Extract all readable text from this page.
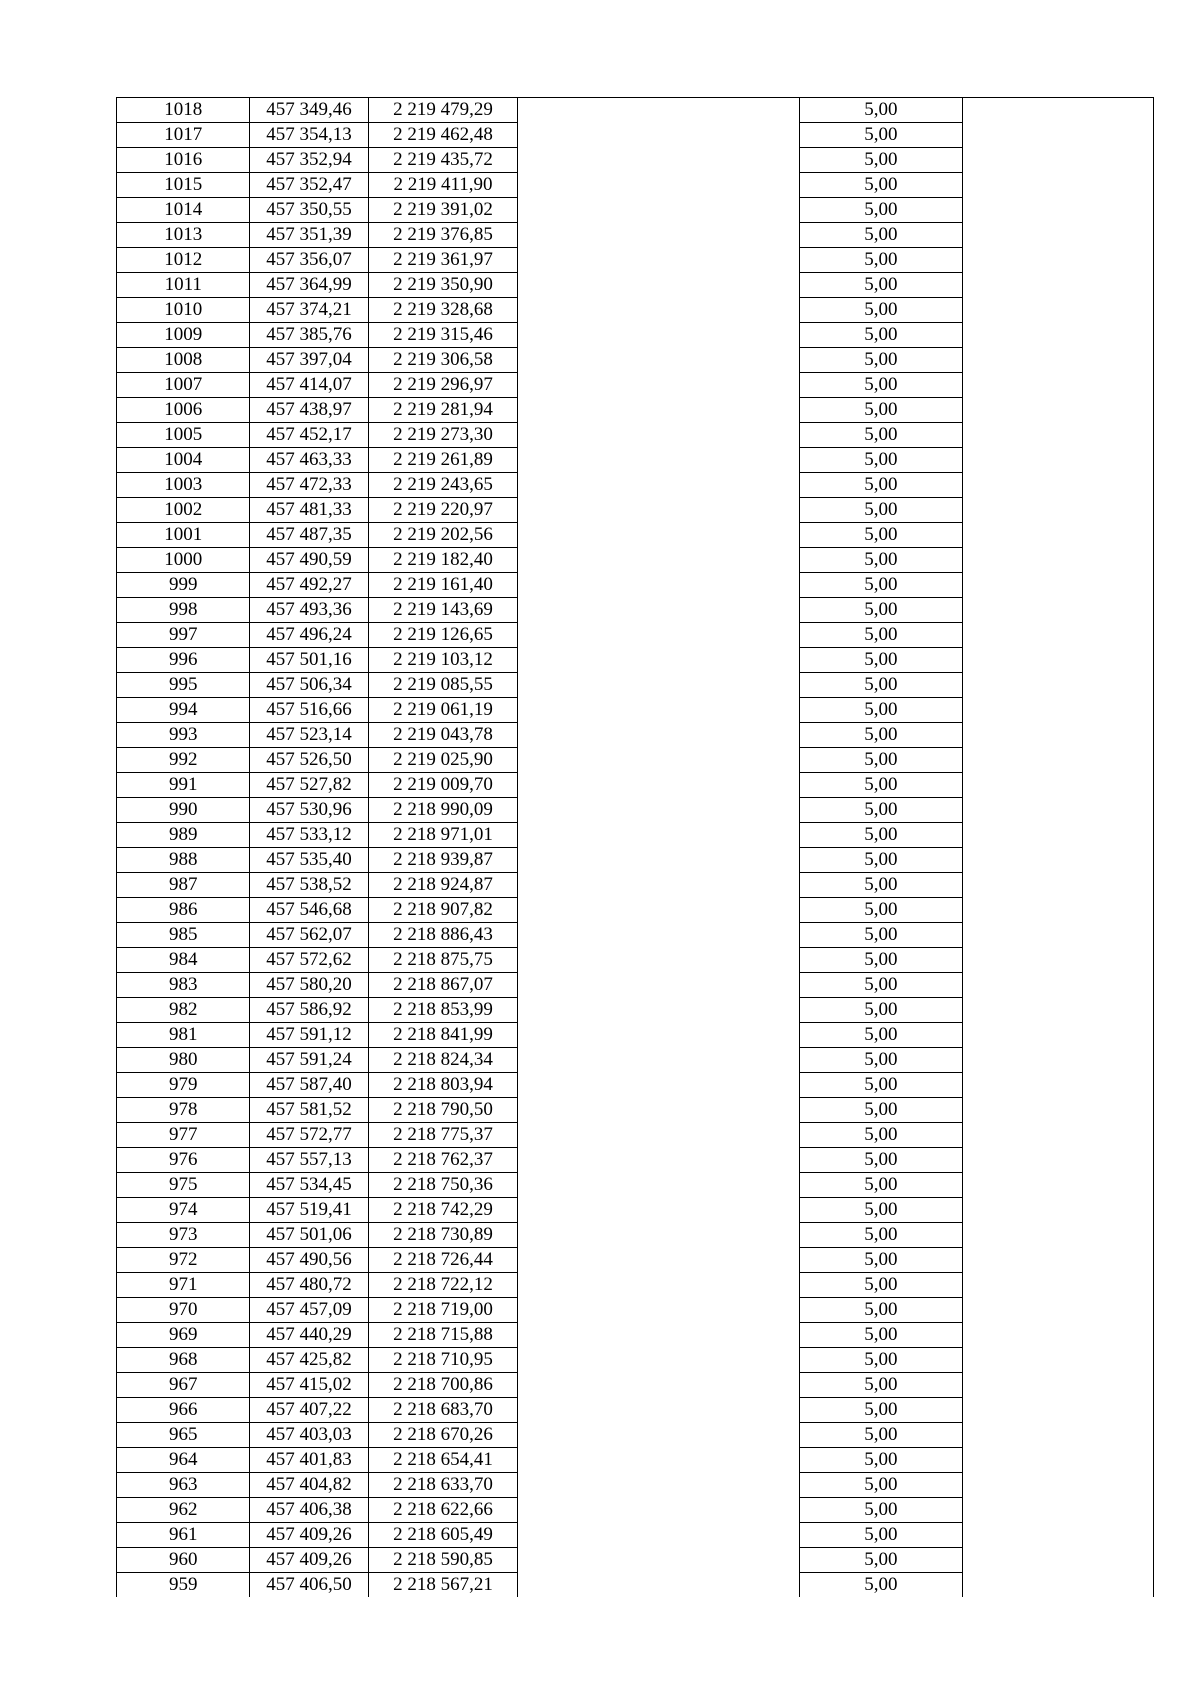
1018	457 349,46	2 219 479,29		5,00	
1017	457 354,13	2 219 462,48		5,00	
1016	457 352,94	2 219 435,72		5,00	
1015	457 352,47	2 219 411,90		5,00	
1014	457 350,55	2 219 391,02		5,00	
1013	457 351,39	2 219 376,85		5,00	
1012	457 356,07	2 219 361,97		5,00	
1011	457 364,99	2 219 350,90		5,00	
1010	457 374,21	2 219 328,68		5,00	
1009	457 385,76	2 219 315,46		5,00	
1008	457 397,04	2 219 306,58		5,00	
1007	457 414,07	2 219 296,97		5,00	
1006	457 438,97	2 219 281,94		5,00	
1005	457 452,17	2 219 273,30		5,00	
1004	457 463,33	2 219 261,89		5,00	
1003	457 472,33	2 219 243,65		5,00	
1002	457 481,33	2 219 220,97		5,00	
1001	457 487,35	2 219 202,56		5,00	
1000	457 490,59	2 219 182,40		5,00	
999	457 492,27	2 219 161,40		5,00	
998	457 493,36	2 219 143,69		5,00	
997	457 496,24	2 219 126,65		5,00	
996	457 501,16	2 219 103,12		5,00	
995	457 506,34	2 219 085,55		5,00	
994	457 516,66	2 219 061,19		5,00	
993	457 523,14	2 219 043,78		5,00	
992	457 526,50	2 219 025,90		5,00	
991	457 527,82	2 219 009,70		5,00	
990	457 530,96	2 218 990,09		5,00	
989	457 533,12	2 218 971,01		5,00	
988	457 535,40	2 218 939,87		5,00	
987	457 538,52	2 218 924,87		5,00	
986	457 546,68	2 218 907,82		5,00	
985	457 562,07	2 218 886,43		5,00	
984	457 572,62	2 218 875,75		5,00	
983	457 580,20	2 218 867,07		5,00	
982	457 586,92	2 218 853,99		5,00	
981	457 591,12	2 218 841,99		5,00	
980	457 591,24	2 218 824,34		5,00	
979	457 587,40	2 218 803,94		5,00	
978	457 581,52	2 218 790,50		5,00	
977	457 572,77	2 218 775,37		5,00	
976	457 557,13	2 218 762,37		5,00	
975	457 534,45	2 218 750,36		5,00	
974	457 519,41	2 218 742,29		5,00	
973	457 501,06	2 218 730,89		5,00	
972	457 490,56	2 218 726,44		5,00	
971	457 480,72	2 218 722,12		5,00	
970	457 457,09	2 218 719,00		5,00	
969	457 440,29	2 218 715,88		5,00	
968	457 425,82	2 218 710,95		5,00	
967	457 415,02	2 218 700,86		5,00	
966	457 407,22	2 218 683,70		5,00	
965	457 403,03	2 218 670,26		5,00	
964	457 401,83	2 218 654,41		5,00	
963	457 404,82	2 218 633,70		5,00	
962	457 406,38	2 218 622,66		5,00	
961	457 409,26	2 218 605,49		5,00	
960	457 409,26	2 218 590,85		5,00	
959	457 406,50	2 218 567,21		5,00	
